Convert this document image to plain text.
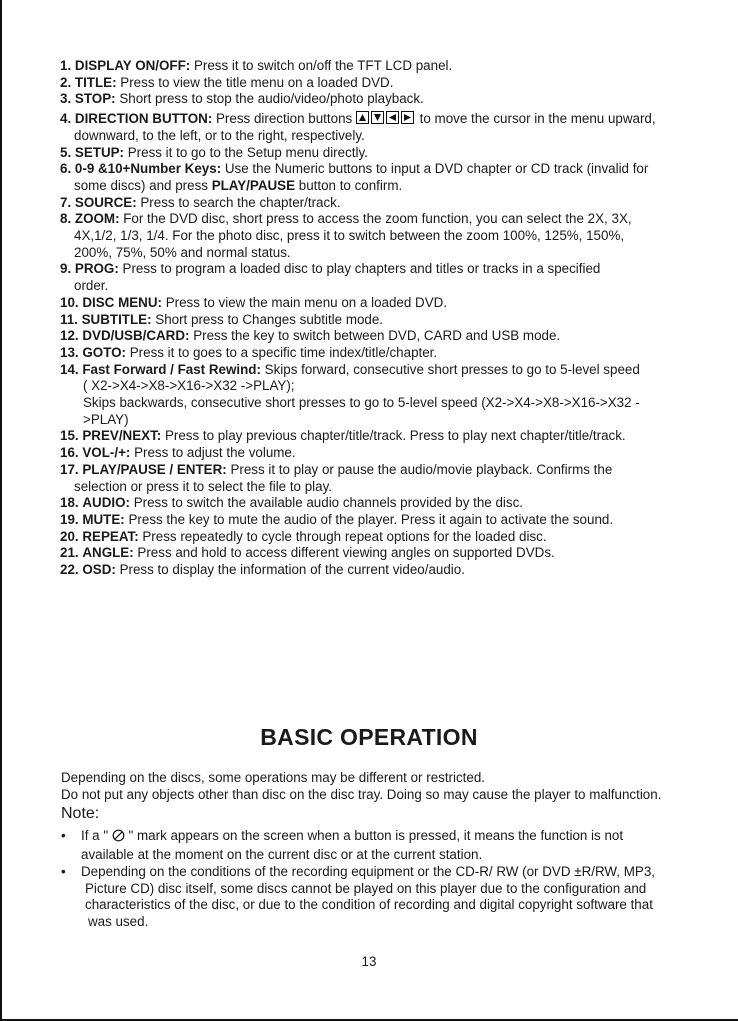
1. DISPLAY ON/OFF: Press it to switch on/off the TFT LCD panel.
2. TITLE: Press to view the title menu on a loaded DVD.
3. STOP: Short press to stop the audio/video/photo playback.
4. DIRECTION BUTTON: Press direction buttons	to move the cursor in the menu upward,
downward, to the left, or to the right, respectively.
5. SETUP: Press it to go to the Setup menu directly.
6. 0-9 &10+Number Keys: Use the Numeric buttons to input a DVD chapter or CD track (invalid for
some discs) and press PLAY/PAUSE button to confirm.
7. SOURCE: Press to search the chapter/track.
8. ZOOM: For the DVD disc, short press to access the zoom function, you can select the 2X, 3X,
4X,1/2, 1/3, 1/4. For the photo disc, press it to switch between the zoom 100%, 125%, 150%,
200%, 75%, 50% and normal status.
9. PROG: Press to program a loaded disc to play chapters and titles or tracks in a specified
order.
10. DISC MENU: Press to view the main menu on a loaded DVD.
11. SUBTITLE: Short press to Changes subtitle mode.
12. DVD/USB/CARD: Press the key to switch between DVD, CARD and USB mode.
13. GOTO: Press it to goes to a specific time index/title/chapter.
14. Fast Forward / Fast Rewind: Skips forward, consecutive short presses to go to 5-level speed
( X2->X4->X8->X16->X32 ->PLAY);
Skips backwards, consecutive short presses to go to 5-level speed (X2->X4->X8->X16->X32 -
>PLAY)
15. PREV/NEXT: Press to play previous chapter/title/track. Press to play next chapter/title/track.
16. VOL-/+: Press to adjust the volume.
17. PLAY/PAUSE / ENTER: Press it to play or pause the audio/movie playback. Confirms the
selection or press it to select the file to play.
18. AUDIO: Press to switch the available audio channels provided by the disc.
19. MUTE: Press the key to mute the audio of the player. Press it again to activate the sound.
20. REPEAT: Press repeatedly to cycle through repeat options for the loaded disc.
21. ANGLE: Press and hold to access different viewing angles on supported DVDs.
22. OSD: Press to display the information of the current video/audio.
BASIC OPERATION
Depending on the discs, some operations may be different or restricted.
Do not put any objects other than disc on the disc tray. Doing so may cause the player to malfunction.
Note:
• If a "  " mark appears on the screen when a button is pressed, it means the function is not
available at the moment on the current disc or at the current station.
• Depending on the conditions of the recording equipment or the CD-R/ RW (or DVD ±R/RW, MP3,
Picture CD) disc itself, some discs cannot be played on this player due to the configuration and
characteristics of the disc, or due to the condition of recording and digital copyright software that
was used.
13
